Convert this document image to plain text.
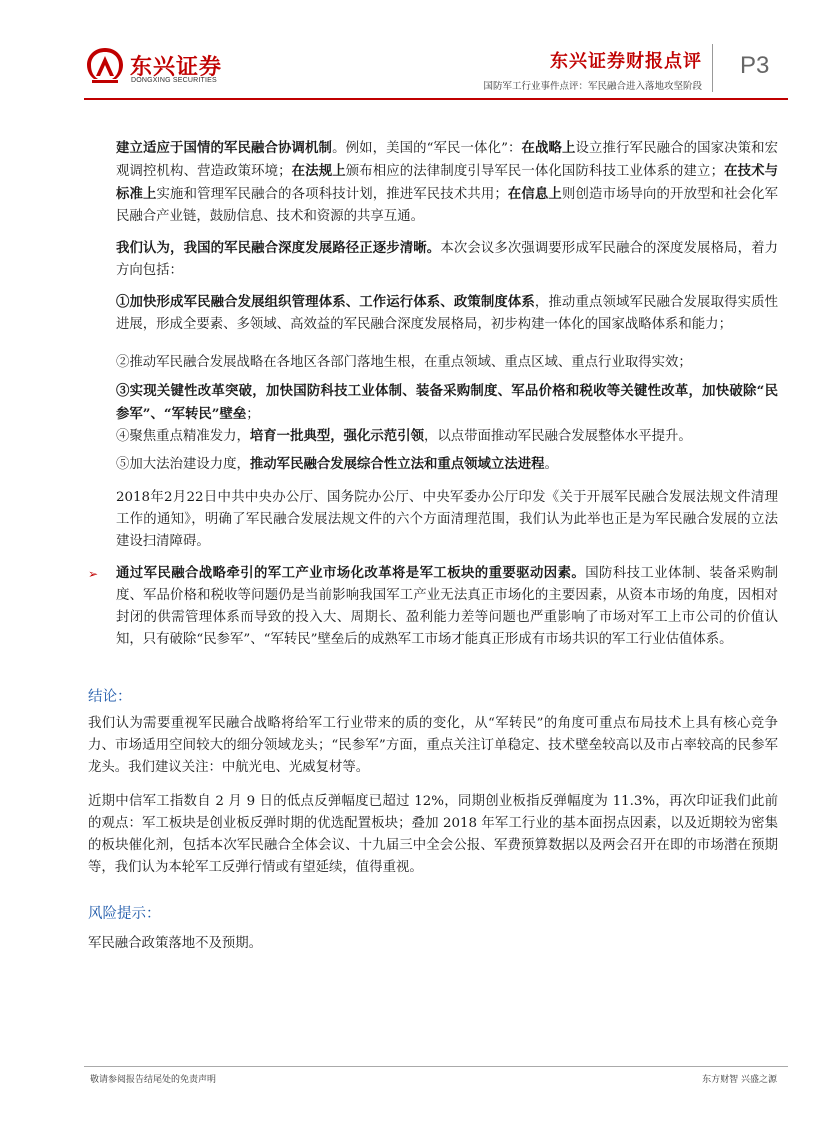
东兴证券
DONGXING SECURITIES
东兴证券财报点评
国防军工行业事件点评：军民融合进入落地攻坚阶段
P3
建立适应于国情的军民融合协调机制。例如，美国的“军民一体化”：在战略上设立推行军民融合的国家决策和宏观调控机构、营造政策环境；在法规上颁布相应的法律制度引导军民一体化国防科技工业体系的建立；在技术与标准上实施和管理军民融合的各项科技计划，推进军民技术共用；在信息上则创造市场导向的开放型和社会化军民融合产业链，鼓励信息、技术和资源的共享互通。
我们认为，我国的军民融合深度发展路径正逐步清晰。本次会议多次强调要形成军民融合的深度发展格局，着力方向包括：
①加快形成军民融合发展组织管理体系、工作运行体系、政策制度体系，推动重点领域军民融合发展取得实质性进展，形成全要素、多领域、高效益的军民融合深度发展格局，初步构建一体化的国家战略体系和能力；
②推动军民融合发展战略在各地区各部门落地生根，在重点领域、重点区域、重点行业取得实效；
③实现关键性改革突破，加快国防科技工业体制、装备采购制度、军品价格和税收等关键性改革，加快破除“民参军”、“军转民”壁垒；
④聚焦重点精准发力，培育一批典型，强化示范引领，以点带面推动军民融合发展整体水平提升。
⑤加大法治建设力度，推动军民融合发展综合性立法和重点领域立法进程。
2018年2月22日中共中央办公厅、国务院办公厅、中央军委办公厅印发《关于开展军民融合发展法规文件清理工作的通知》，明确了军民融合发展法规文件的六个方面清理范围，我们认为此举也正是为军民融合发展的立法建设扫清障碍。
➢ 通过军民融合战略牵引的军工产业市场化改革将是军工板块的重要驱动因素。国防科技工业体制、装备采购制度、军品价格和税收等问题仍是当前影响我国军工产业无法真正市场化的主要因素，从资本市场的角度，因相对封闭的供需管理体系而导致的投入大、周期长、盈利能力差等问题也严重影响了市场对军工上市公司的价值认知，只有破除“民参军”、“军转民”壁垒后的成熟军工市场才能真正形成有市场共识的军工行业估值体系。
结论：
我们认为需要重视军民融合战略将给军工行业带来的质的变化，从“军转民”的角度可重点布局技术上具有核心竞争力、市场适用空间较大的细分领域龙头；“民参军”方面，重点关注订单稳定、技术壁垒较高以及市占率较高的民参军龙头。我们建议关注：中航光电、光威复材等。
近期中信军工指数自 2 月 9 日的低点反弹幅度已超过 12%，同期创业板指反弹幅度为 11.3%，再次印证我们此前的观点：军工板块是创业板反弹时期的优选配置板块；叠加 2018 年军工行业的基本面拐点因素，以及近期较为密集的板块催化剂，包括本次军民融合全体会议、十九届三中全会公报、军费预算数据以及两会召开在即的市场潜在预期等，我们认为本轮军工反弹行情或有望延续，值得重视。
风险提示：
军民融合政策落地不及预期。
敬请参阅报告结尾处的免责声明	东方财智 兴盛之源
